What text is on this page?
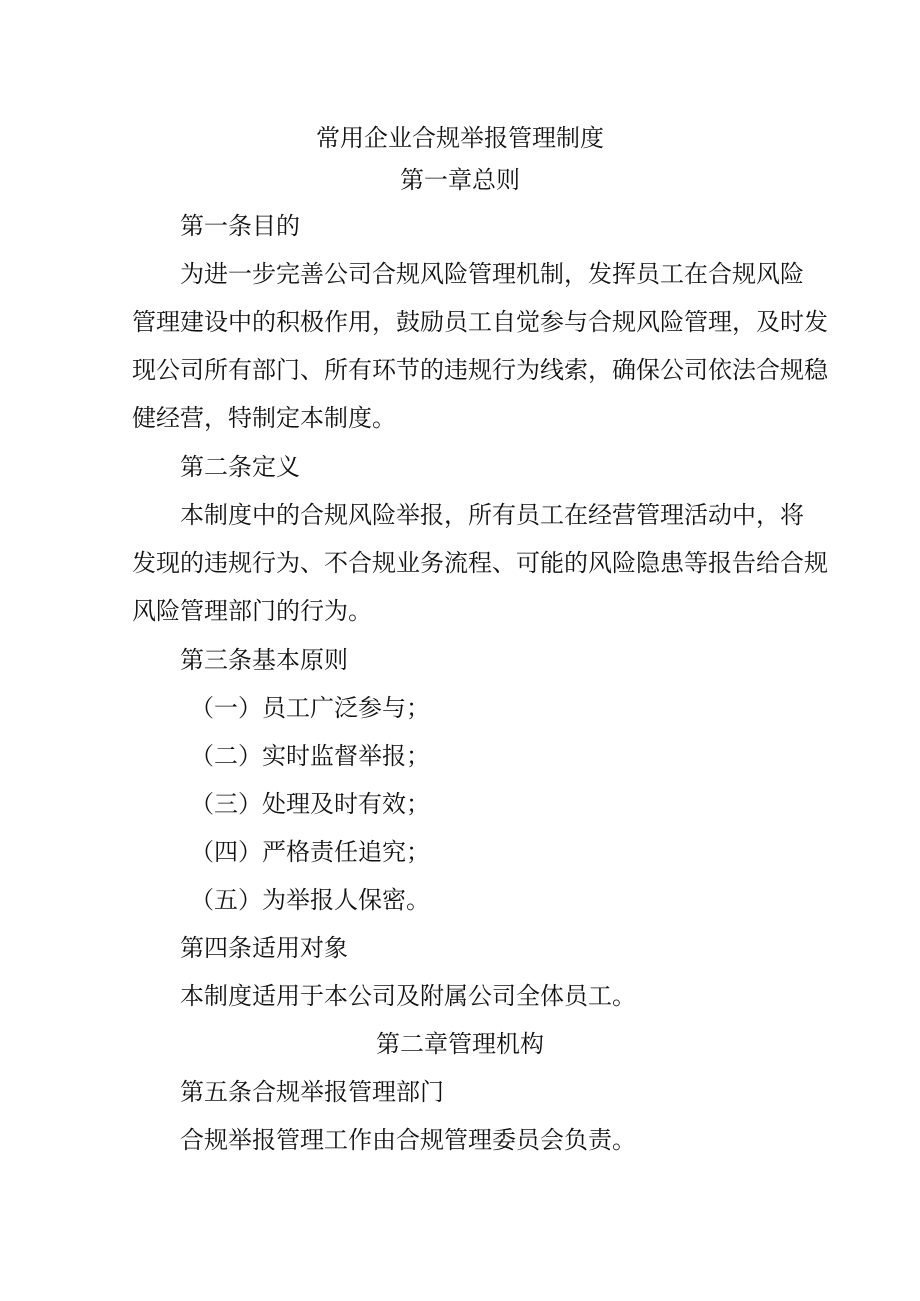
常用企业合规举报管理制度
第一章总则
第一条目的
为进一步完善公司合规风险管理机制，发挥员工在合规风险
管理建设中的积极作用，鼓励员工自觉参与合规风险管理，及时发
现公司所有部门、所有环节的违规行为线索，确保公司依法合规稳
健经营，特制定本制度。
第二条定义
本制度中的合规风险举报，所有员工在经营管理活动中，将
发现的违规行为、不合规业务流程、可能的风险隐患等报告给合规
风险管理部门的行为。
第三条基本原则
（一）员工广泛参与；
（二）实时监督举报；
（三）处理及时有效；
（四）严格责任追究；
（五）为举报人保密。
第四条适用对象
本制度适用于本公司及附属公司全体员工。
第二章管理机构
第五条合规举报管理部门
合规举报管理工作由合规管理委员会负责。
